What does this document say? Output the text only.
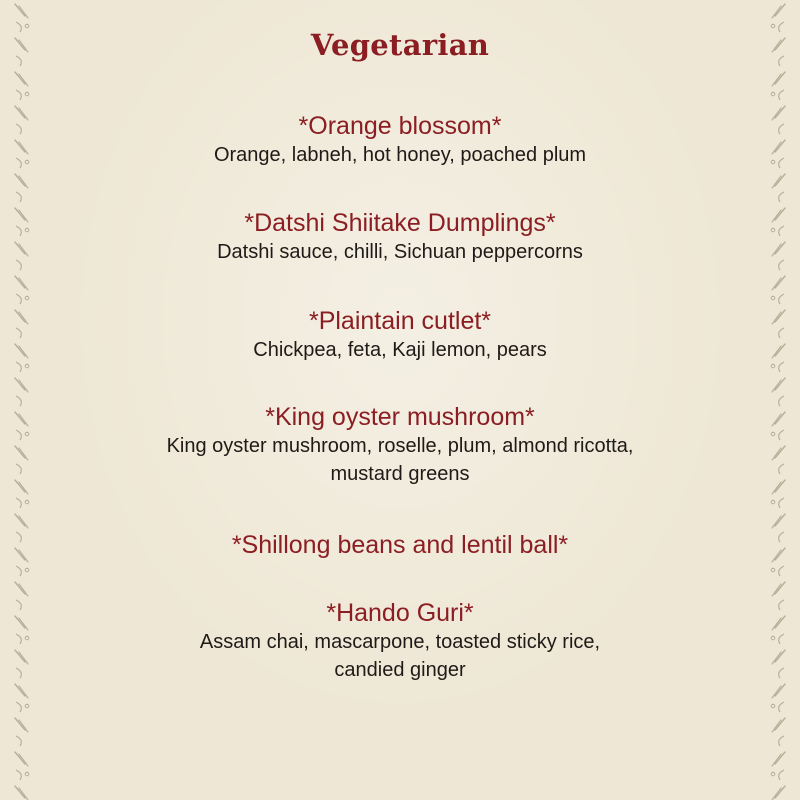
Vegetarian

*Orange blossom*

Orange, labneh, hot honey, poached plum

*Datshi Shiitake Dumplings*

Datshi sauce, chilli, Sichuan peppercorns

*Plaintain cutlet*

Chickpea, feta, Kaji lemon, pears

*King oyster mushroom*

King oyster mushroom, roselle, plum, almond ricotta,

mustard greens

*Shillong beans and lentil ball*

*Hando Guri*

Assam chai, mascarpone, toasted sticky rice,

candied ginger
